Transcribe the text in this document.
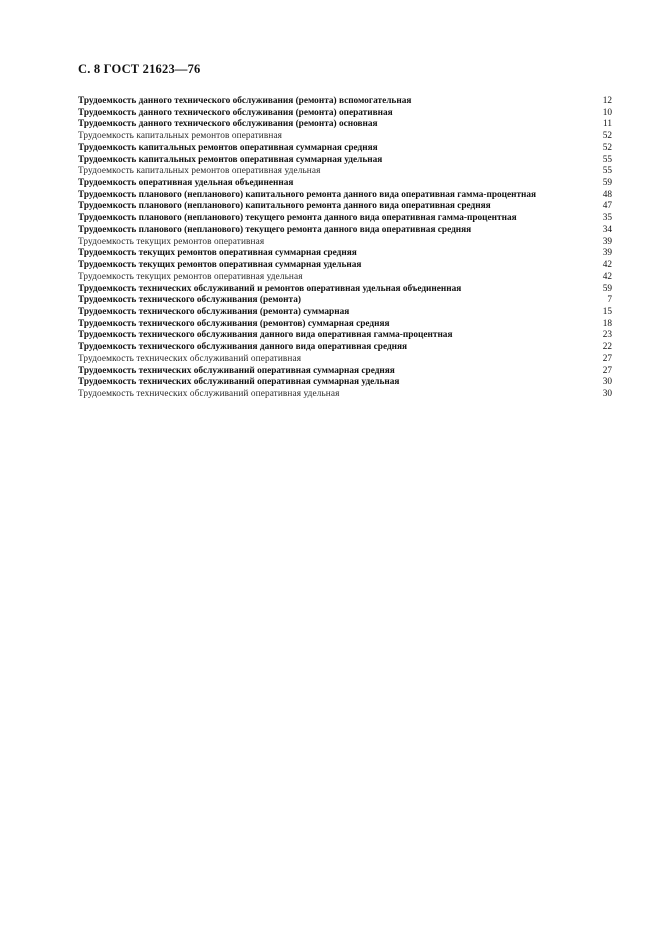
С. 8 ГОСТ 21623—76
Трудоемкость данного технического обслуживания (ремонта) вспомогательная	12
Трудоемкость данного технического обслуживания (ремонта) оперативная	10
Трудоемкость данного технического обслуживания (ремонта) основная	11
Трудоемкость капитальных ремонтов оперативная	52
Трудоемкость капитальных ремонтов оперативная суммарная средняя	52
Трудоемкость капитальных ремонтов оперативная суммарная удельная	55
Трудоемкость капитальных ремонтов оперативная удельная	55
Трудоемкость оперативная удельная объединенная	59
Трудоемкость планового (непланового) капитального ремонта данного вида оперативная гамма-процентная	48
Трудоемкость планового (непланового) капитального ремонта данного вида оперативная средняя	47
Трудоемкость планового (непланового) текущего ремонта данного вида оперативная гамма-процентная	35
Трудоемкость планового (непланового) текущего ремонта данного вида оперативная средняя	34
Трудоемкость текущих ремонтов оперативная	39
Трудоемкость текущих ремонтов оперативная суммарная средняя	39
Трудоемкость текущих ремонтов оперативная суммарная удельная	42
Трудоемкость текущих ремонтов оперативная удельная	42
Трудоемкость технических обслуживаний и ремонтов оперативная удельная объединенная	59
Трудоемкость технического обслуживания (ремонта)	7
Трудоемкость технического обслуживания (ремонта) суммарная	15
Трудоемкость технического обслуживания (ремонтов) суммарная средняя	18
Трудоемкость технического обслуживания данного вида оперативная гамма-процентная	23
Трудоемкость технического обслуживания данного вида оперативная средняя	22
Трудоемкость технических обслуживаний оперативная	27
Трудоемкость технических обслуживаний оперативная суммарная средняя	27
Трудоемкость технических обслуживаний оперативная суммарная удельная	30
Трудоемкость технических обслуживаний оперативная удельная	30
